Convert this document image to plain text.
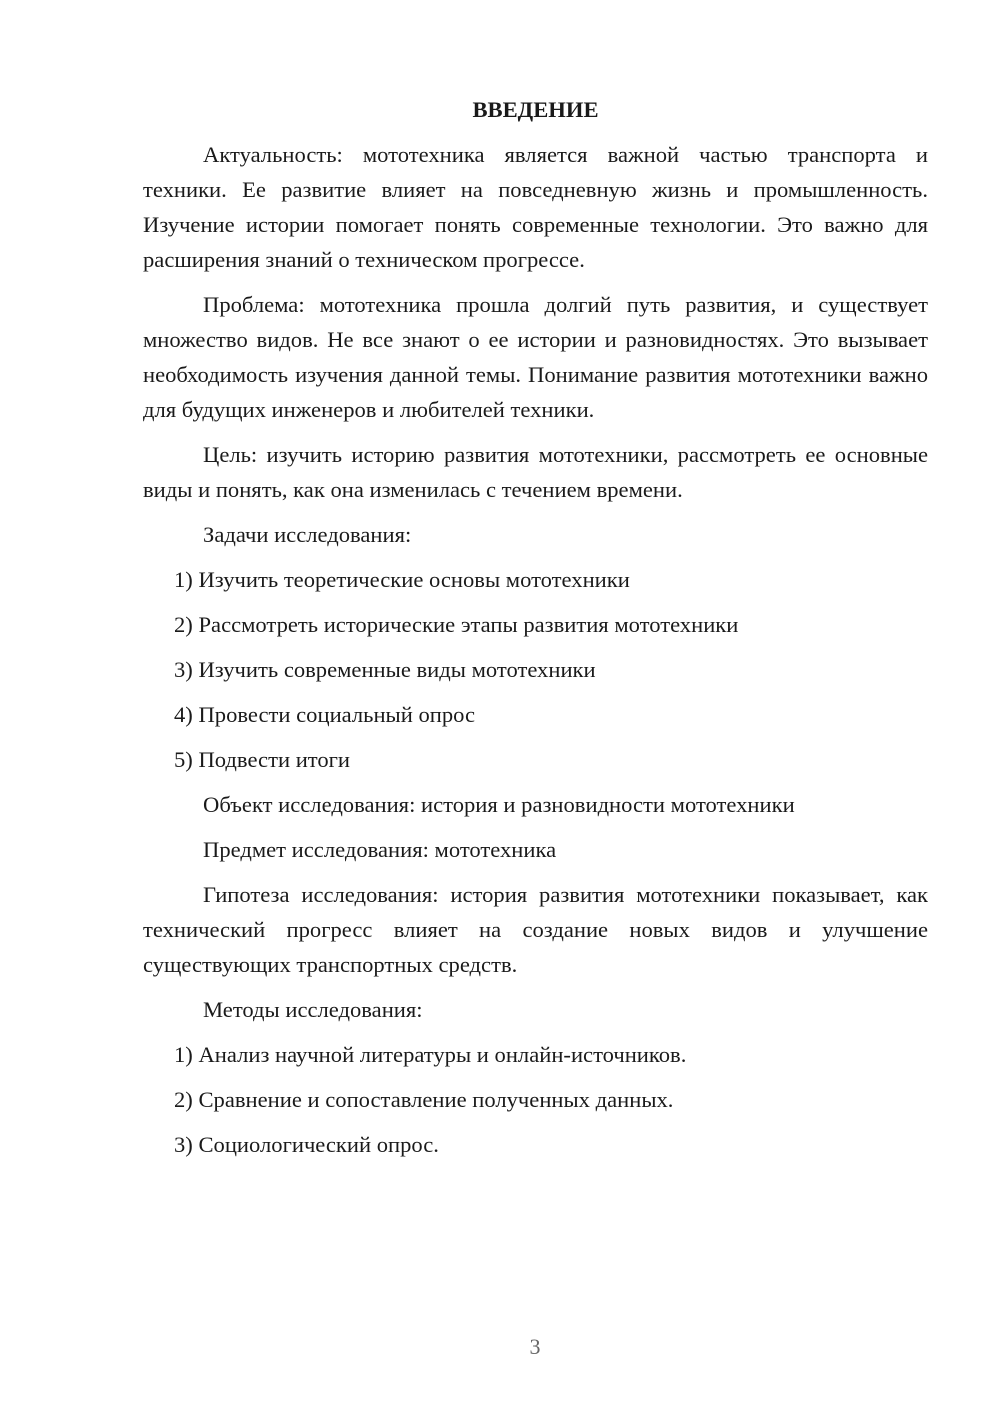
ВВЕДЕНИЕ

Актуальность: мототехника является важной частью транспорта и техники. Ее развитие влияет на повседневную жизнь и промышленность. Изучение истории помогает понять современные технологии. Это важно для расширения знаний о техническом прогрессе.

Проблема: мототехника прошла долгий путь развития, и существует множество видов. Не все знают о ее истории и разновидностях. Это вызывает необходимость изучения данной темы. Понимание развития мототехники важно для будущих инженеров и любителей техники.

Цель: изучить историю развития мототехники, рассмотреть ее основные виды и понять, как она изменилась с течением времени.

Задачи исследования:

1) Изучить теоретические основы мототехники
2) Рассмотреть исторические этапы развития мототехники
3) Изучить современные виды мототехники
4) Провести социальный опрос
5) Подвести итоги

Объект исследования: история и разновидности мототехники

Предмет исследования: мототехника

Гипотеза исследования: история развития мототехники показывает, как технический прогресс влияет на создание новых видов и улучшение существующих транспортных средств.

Методы исследования:

1) Анализ научной литературы и онлайн-источников.
2) Сравнение и сопоставление полученных данных.
3) Социологический опрос.
3
